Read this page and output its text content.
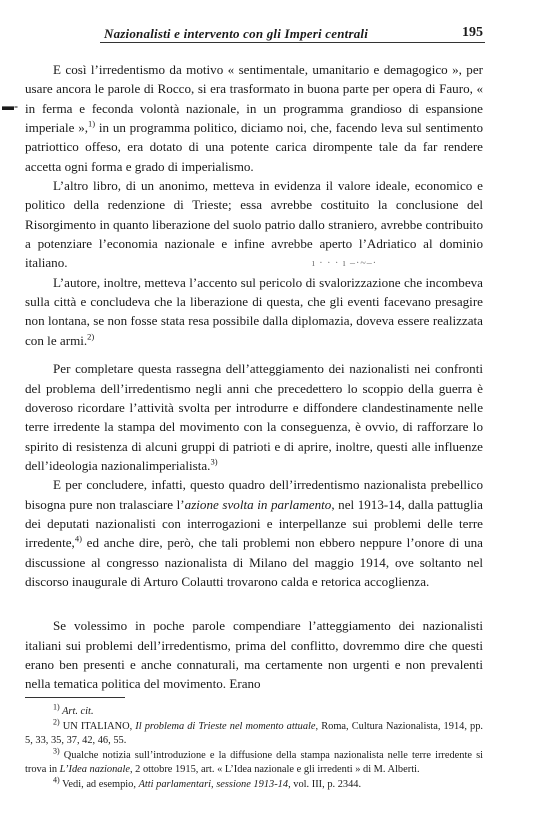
Nazionalisti e intervento con gli Imperi centrali	195
▬-
ı · · · ı –·~–·

E così l’irredentismo da motivo « sentimentale, umanitario e demagogico », per usare ancora le parole di Rocco, si era trasformato in buona parte per opera di Fauro, « in ferma e feconda volontà nazionale, in un programma grandioso di espansione imperiale »,$^{1)}$ in un programma politico, diciamo noi, che, facendo leva sul sentimento patriottico offeso, era dotato di una potente carica dirompente tale da far rendere accetta ogni forma e grado di imperialismo.

L’altro libro, di un anonimo, metteva in evidenza il valore ideale, economico e politico della redenzione di Trieste; essa avrebbe costituito la conclusione del Risorgimento in quanto liberazione del suolo patrio dallo straniero, avrebbe contribuito a potenziare l’economia nazionale e infine avrebbe aperto l’Adriatico al dominio italiano.

L’autore, inoltre, metteva l’accento sul pericolo di svalorizzazione che incombeva sulla città e concludeva che la liberazione di questa, che gli eventi facevano presagire non lontana, se non fosse stata resa possibile dalla diplomazia, doveva essere realizzata con le armi.$^{2)}$

Per completare questa rassegna dell’atteggiamento dei nazionalisti nei confronti del problema dell’irredentismo negli anni che precedettero lo scoppio della guerra è doveroso ricordare l’attività svolta per introdurre e diffondere clandestinamente nelle terre irredente la stampa del movimento con la conseguenza, è ovvio, di rafforzare lo spirito di resistenza di alcuni gruppi di patrioti e di aprire, inoltre, questi alle influenze dell’ideologia nazionalimperialista.$^{3)}$

E per concludere, infatti, questo quadro dell’irredentismo nazionalista prebellico bisogna pure non tralasciare l’azione svolta in parlamento, nel 1913-14, dalla pattuglia dei deputati nazionalisti con interrogazioni e interpellanze sui problemi delle terre irredente,$^{4)}$ ed anche dire, però, che tali problemi non ebbero neppure l’onore di una discussione al congresso nazionalista di Milano del maggio 1914, ove soltanto nel discorso inaugurale di Arturo Colautti trovarono calda e retorica accoglienza.

Se volessimo in poche parole compendiare l’atteggiamento dei nazionalisti italiani sui problemi dell’irredentismo, prima del conflitto, dovremmo dire che questi erano ben presenti e anche connaturali, ma certamente non urgenti e non prevalenti nella tematica politica del movimento. Erano

$^{1)}$ Art. cit.

$^{2)}$ UN ITALIANO, Il problema di Trieste nel momento attuale, Roma, Cultura Nazionalista, 1914, pp. 5, 33, 35, 37, 42, 46, 55.

$^{3)}$ Qualche notizia sull’introduzione e la diffusione della stampa nazionalista nelle terre irredente si trova in L’Idea nazionale, 2 ottobre 1915, art. « L’Idea nazionale e gli irredenti » di M. Alberti.

$^{4)}$ Vedi, ad esempio, Atti parlamentari, sessione 1913-14, vol. III, p. 2344.
